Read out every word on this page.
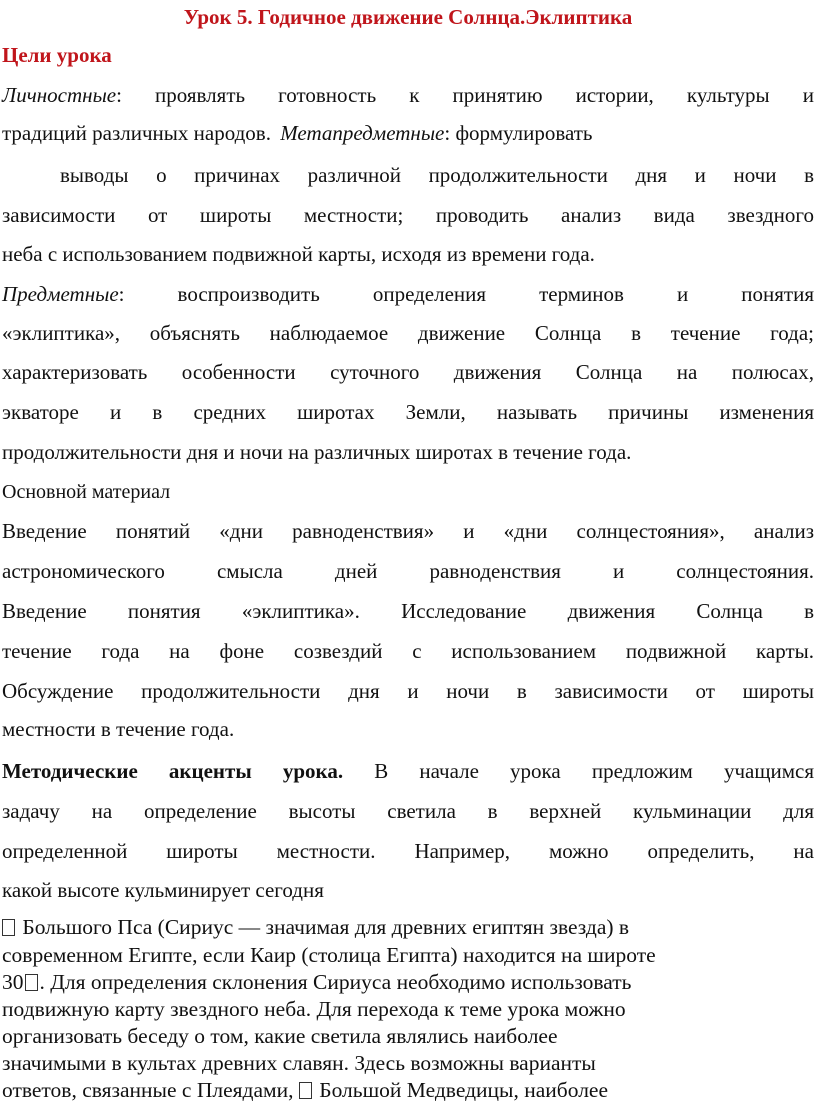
Урок 5. Годичное движение Солнца.Эклиптика
Цели урока
Личностные: проявлять готовность к принятию истории, культуры и
традиций различных народов. Метапредметные: формулировать
выводы о причинах различной продолжительности дня и ночи в
зависимости от широты местности; проводить анализ вида звездного
неба с использованием подвижной карты, исходя из времени года.
Предметные: воспроизводить определения терминов и понятия
«эклиптика», объяснять наблюдаемое движение Солнца в течение года;
характеризовать особенности суточного движения Солнца на полюсах,
экваторе и в средних широтах Земли, называть причины изменения
продолжительности дня и ночи на различных широтах в течение года.
Основной материал
Введение понятий «дни равноденствия» и «дни солнцестояния», анализ
астрономического смысла дней равноденствия и солнцестояния.
Введение понятия «эклиптика». Исследование движения Солнца в
течение года на фоне созвездий с использованием подвижной карты.
Обсуждение продолжительности дня и ночи в зависимости от широты
местности в течение года.
Методические акценты урока. В начале урока предложим учащимся
задачу на определение высоты светила в верхней кульминации для
определенной широты местности. Например, можно определить, на
какой высоте кульминирует сегодня
Большого Пса (Сириус — значимая для древних египтян звезда) в
современном Египте, если Каир (столица Египта) находится на широте
30 . Для определения склонения Сириуса необходимо использовать
подвижную карту звездного неба. Для перехода к теме урока можно
организовать беседу о том, какие светила являлись наиболее
значимыми в культах древних славян. Здесь возможны варианты
ответов, связанные с Плеядами,  Большой Медведицы, наиболее
